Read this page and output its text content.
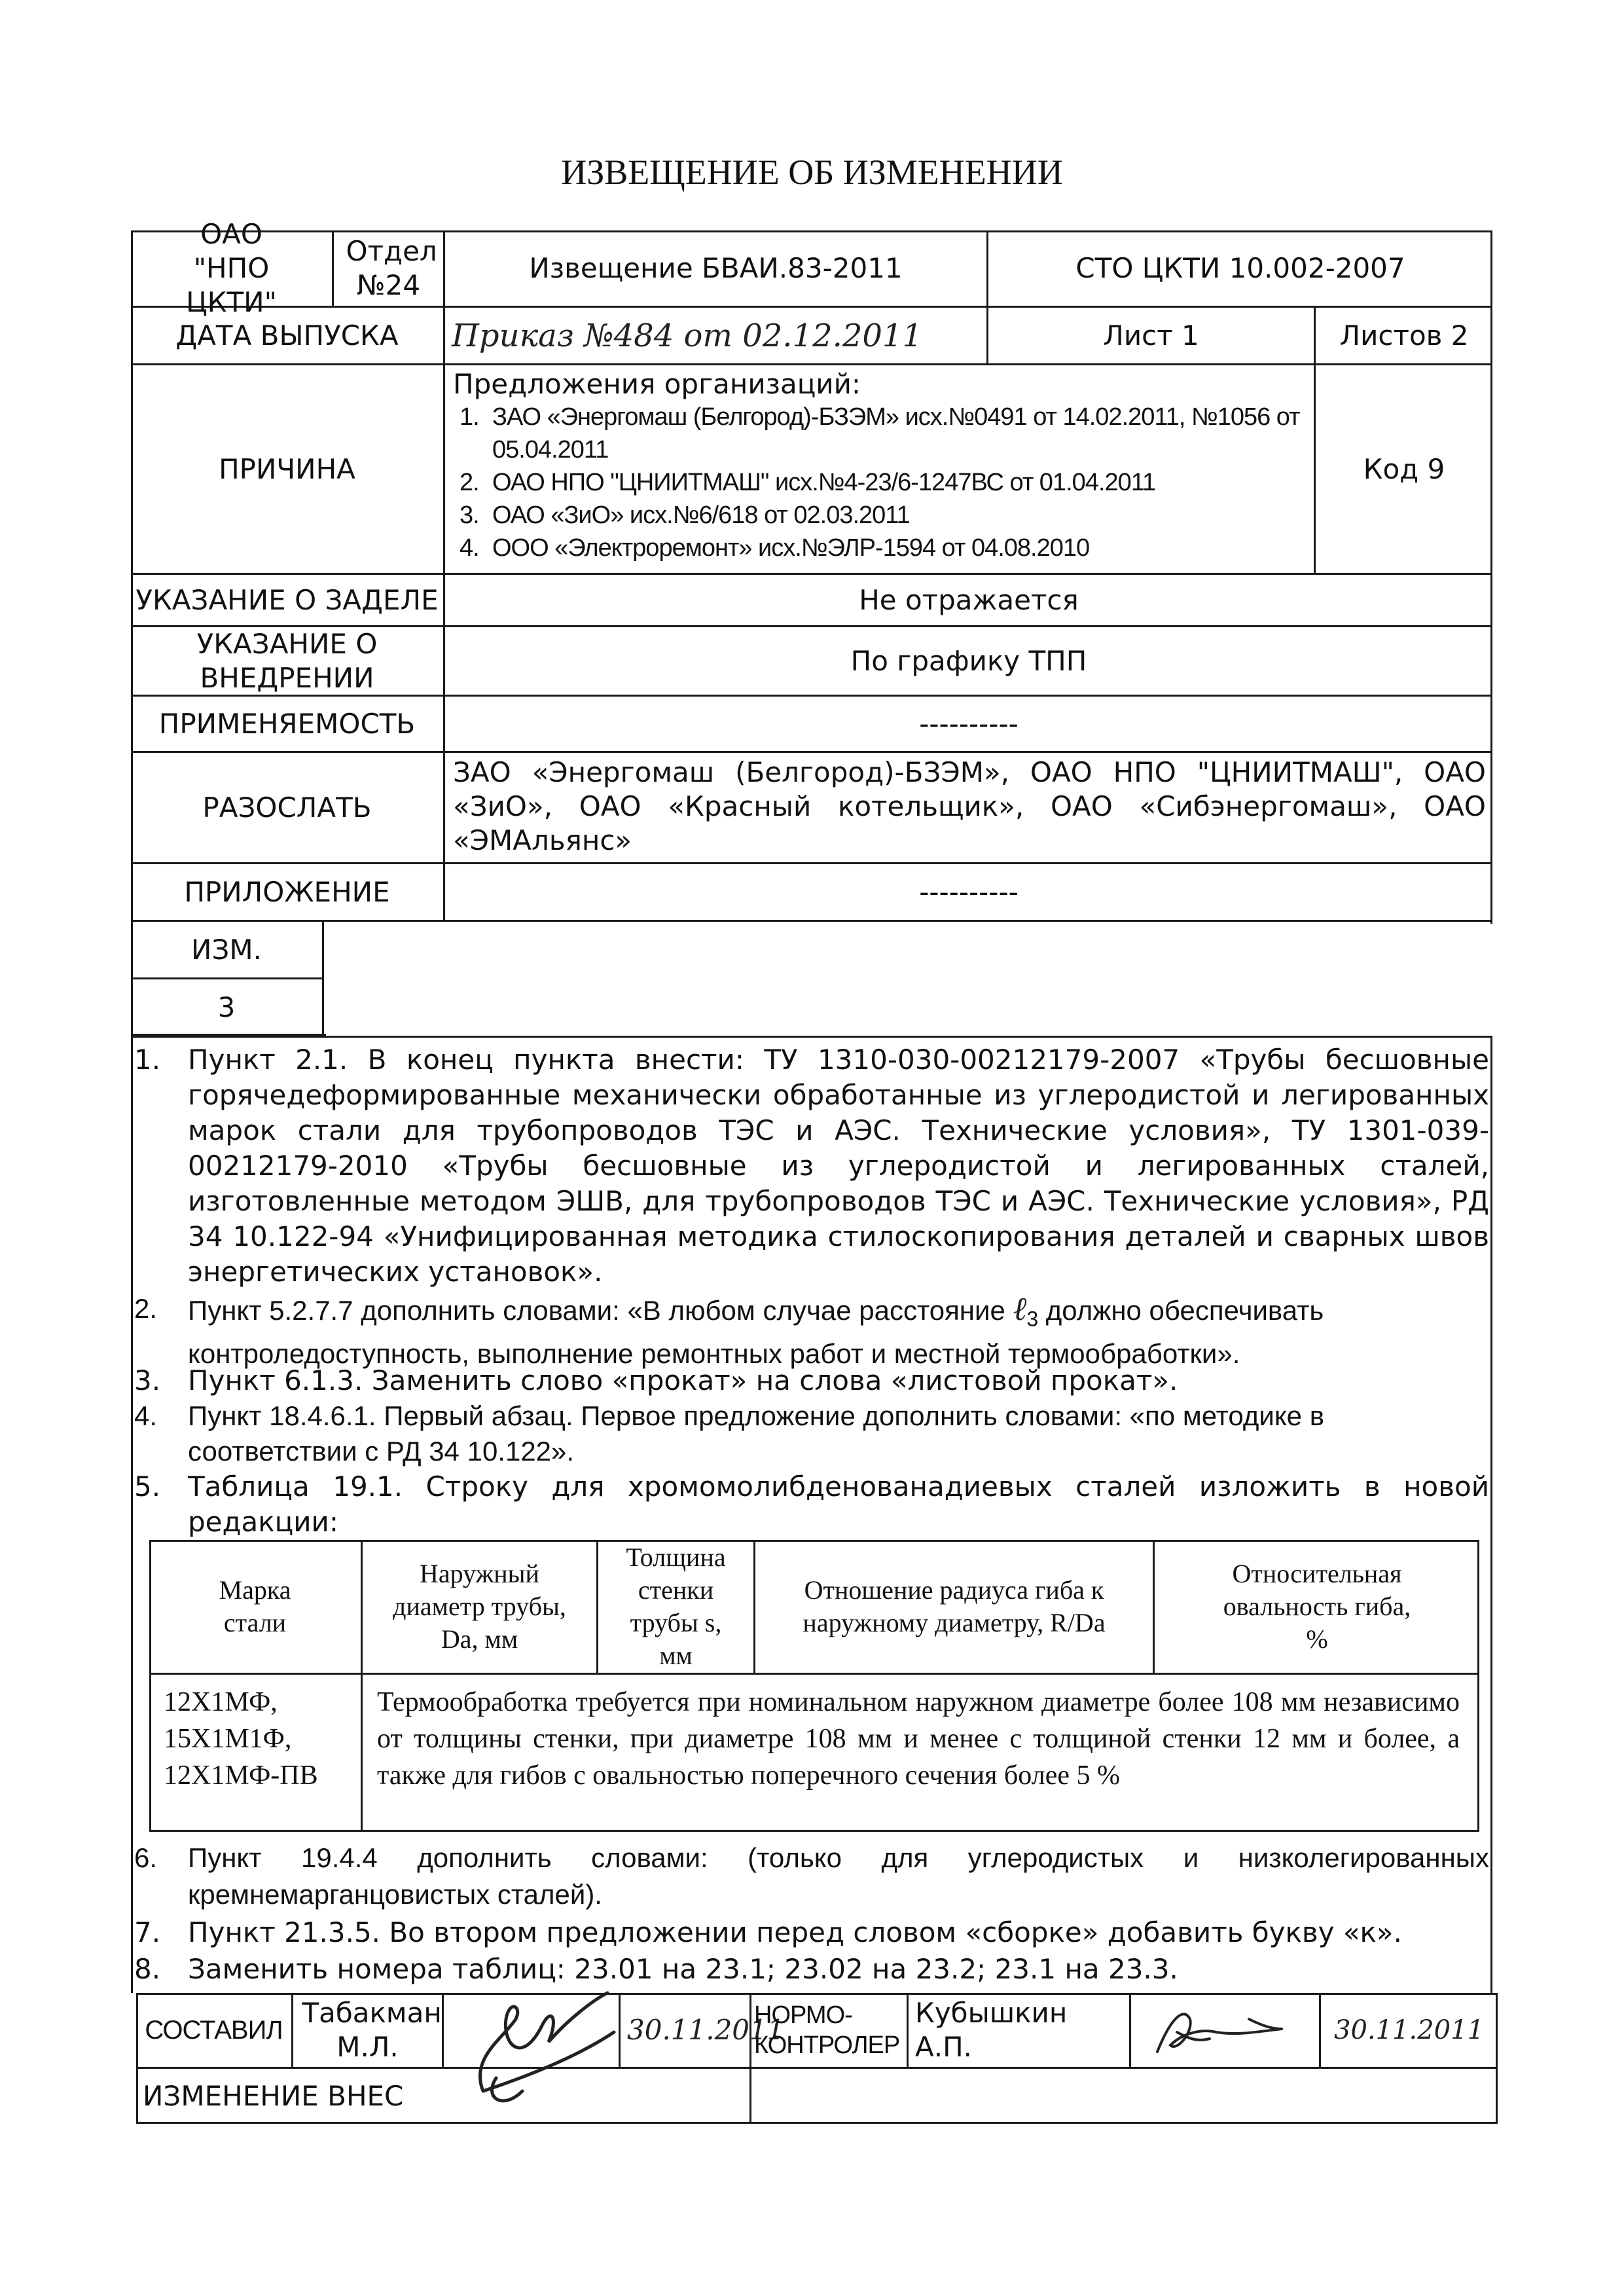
ИЗВЕЩЕНИЕ ОБ ИЗМЕНЕНИИ
ОАО "НПО ЦКТИ"
Отдел №24
Извещение БВАИ.83-2011	СТО ЦКТИ 10.002-2007
ДАТА ВЫПУСКА Приказ №484 от 02.12.2011	Лист 1	Листов 2
ПРИЧИНА
Предложения организаций:
1. ЗАО «Энергомаш (Белгород)-БЗЭМ» исх.№0491 от 14.02.2011, №1056 от 05.04.2011
2. ОАО НПО "ЦНИИТМАШ" исх.№4-23/6-1247ВС от 01.04.2011
3. ОАО «ЗиО» исх.№6/618 от 02.03.2011
4. ООО «Электроремонт» исх.№ЭЛР-1594 от 04.08.2010
Код 9
УКАЗАНИЕ О ЗАДЕЛЕ	Не отражается
УКАЗАНИЕ О ВНЕДРЕНИИ
По графику ТПП
ПРИМЕНЯЕМОСТЬ	----------
РАЗОСЛАТЬ
ЗАО «Энергомаш (Белгород)-БЗЭМ», ОАО НПО "ЦНИИТМАШ", ОАО «ЗиО», ОАО «Красный котельщик», ОАО «Сибэнергомаш», ОАО «ЭМАльянс»
ПРИЛОЖЕНИЕ	----------
ИЗМ.
3
1. Пункт 2.1. В конец пункта внести: ТУ 1310-030-00212179-2007 «Трубы бесшовные горячедеформированные механически обработанные из углеродистой и легированных марок стали для трубопроводов ТЭС и АЭС. Технические условия», ТУ 1301-039-00212179-2010 «Трубы бесшовные из углеродистой и легированных сталей, изготовленные методом ЭШВ, для трубопроводов ТЭС и АЭС. Технические условия», РД 34 10.122-94 «Унифицированная методика стилоскопирования деталей и сварных швов энергетических установок».
2. Пункт 5.2.7.7 дополнить словами: «В любом случае расстояние ℓ$_3$ должно обеспечивать контроледоступность, выполнение ремонтных работ и местной термообработки».
3. Пункт 6.1.3. Заменить слово «прокат» на слова «листовой прокат».
4. Пункт 18.4.6.1. Первый абзац. Первое предложение дополнить словами: «по методике в соответствии с РД 34 10.122».
5. Таблица 19.1. Строку для хромомолибденованадиевых сталей изложить в новой редакции:
Марка стали
Наружный диаметр трубы, Da, мм
Толщина стенки трубы s, мм
Отношение радиуса гиба к наружному диаметру, R/Da
Относительная овальность гиба, %
12Х1МФ,
15Х1М1Ф,
12Х1МФ-ПВ
Термообработка требуется при номинальном наружном диаметре более 108 мм независимо от толщины стенки, при диаметре 108 мм и менее с толщиной стенки 12 мм и более, а также для гибов с овальностью поперечного сечения более 5 %
6. Пункт 19.4.4 дополнить словами: (только для углеродистых и низколегированных кремнемарганцовистых сталей).
7. Пункт 21.3.5. Во втором предложении перед словом «сборке» добавить букву «к».
8. Заменить номера таблиц: 23.01 на 23.1; 23.02 на 23.2; 23.1 на 23.3.
СОСТАВИЛ
Табакман М.Л.
30.11.2011
НОРМО-КОНТРОЛЕР
Кубышкин А.П.
30.11.2011
ИЗМЕНЕНИЕ ВНЕС
